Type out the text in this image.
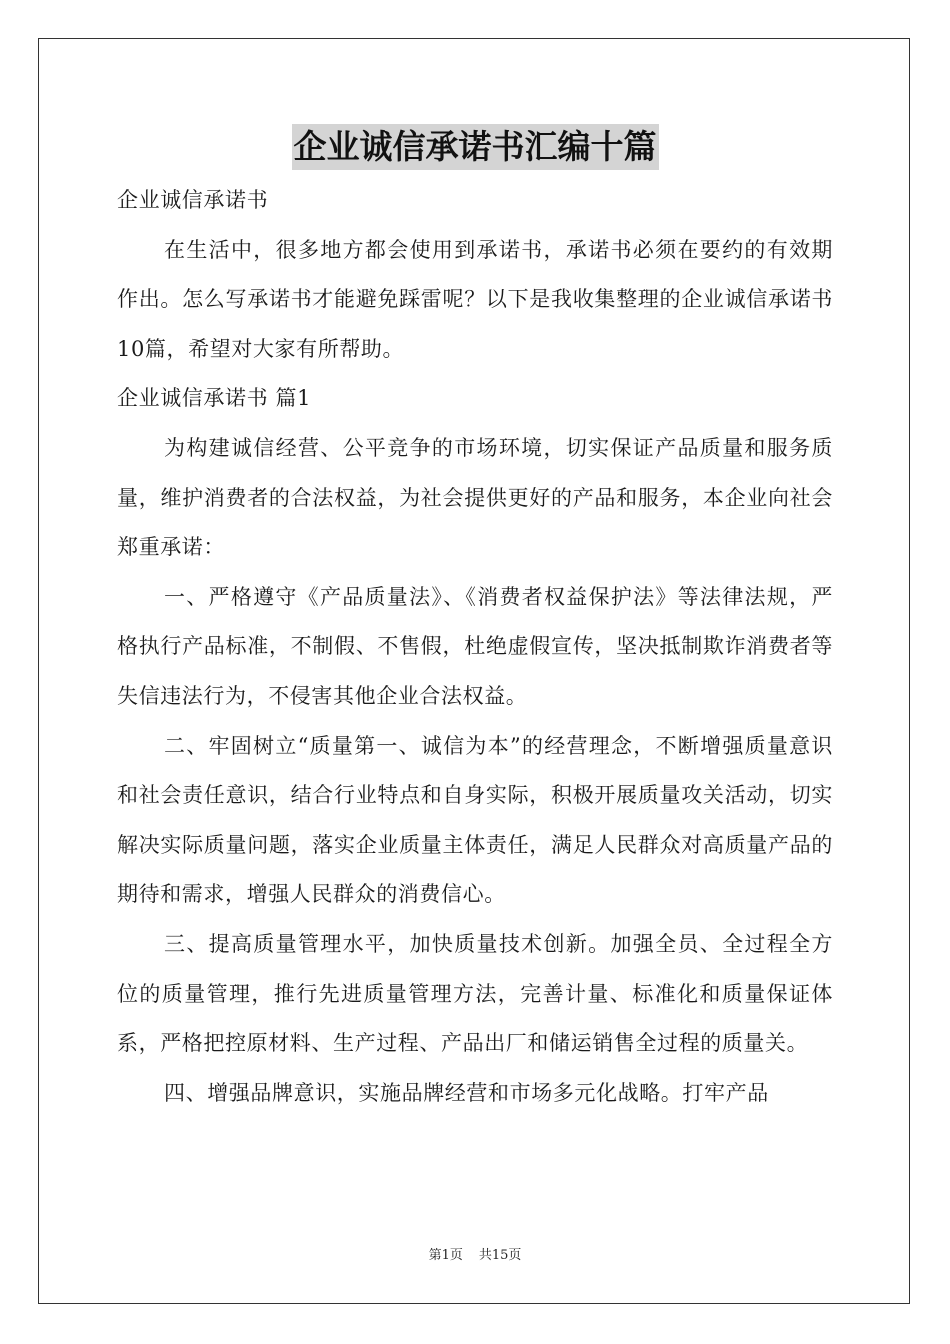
企业诚信承诺书汇编十篇

企业诚信承诺书

在生活中，很多地方都会使用到承诺书，承诺书必须在要约的有效期作出。怎么写承诺书才能避免踩雷呢？以下是我收集整理的企业诚信承诺书10篇，希望对大家有所帮助。

企业诚信承诺书 篇1

为构建诚信经营、公平竞争的市场环境，切实保证产品质量和服务质量，维护消费者的合法权益，为社会提供更好的产品和服务，本企业向社会郑重承诺：

一、严格遵守《产品质量法》、《消费者权益保护法》等法律法规，严格执行产品标准，不制假、不售假，杜绝虚假宣传，坚决抵制欺诈消费者等失信违法行为，不侵害其他企业合法权益。

二、牢固树立“质量第一、诚信为本”的经营理念，不断增强质量意识和社会责任意识，结合行业特点和自身实际，积极开展质量攻关活动，切实解决实际质量问题，落实企业质量主体责任，满足人民群众对高质量产品的期待和需求，增强人民群众的消费信心。

三、提高质量管理水平，加快质量技术创新。加强全员、全过程全方位的质量管理，推行先进质量管理方法，完善计量、标准化和质量保证体系，严格把控原材料、生产过程、产品出厂和储运销售全过程的质量关。

四、增强品牌意识，实施品牌经营和市场多元化战略。打牢产品

第1页 共15页
